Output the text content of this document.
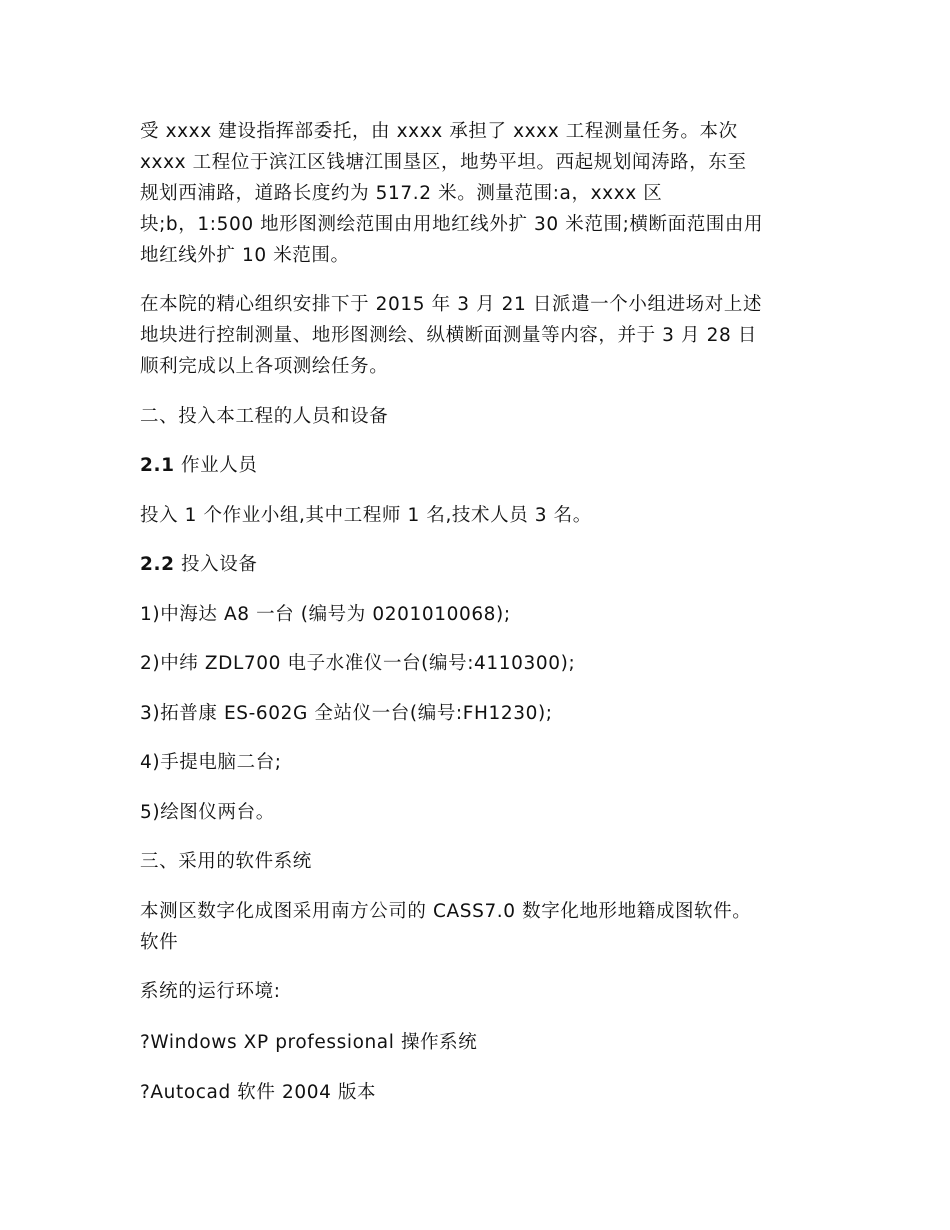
受 xxxx 建设指挥部委托，由 xxxx 承担了 xxxx 工程测量任务。本次
xxxx 工程位于滨江区钱塘江围垦区，地势平坦。西起规划闻涛路，东至
规划西浦路，道路长度约为 517.2 米。测量范围:a，xxxx 区
块;b，1:500 地形图测绘范围由用地红线外扩 30 米范围;横断面范围由用
地红线外扩 10 米范围。

在本院的精心组织安排下于 2015 年 3 月 21 日派遣一个小组进场对上述
地块进行控制测量、地形图测绘、纵横断面测量等内容，并于 3 月 28 日
顺利完成以上各项测绘任务。

二、投入本工程的人员和设备

2.1 作业人员

投入 1 个作业小组,其中工程师 1 名,技术人员 3 名。

2.2 投入设备

1)中海达 A8 一台 (编号为 0201010068);

2)中纬 ZDL700 电子水准仪一台(编号:4110300);

3)拓普康 ES-602G 全站仪一台(编号:FH1230);

4)手提电脑二台;

5)绘图仪两台。

三、采用的软件系统

本测区数字化成图采用南方公司的 CASS7.0 数字化地形地籍成图软件。
软件

系统的运行环境:

?Windows XP professional 操作系统

?Autocad 软件 2004 版本
